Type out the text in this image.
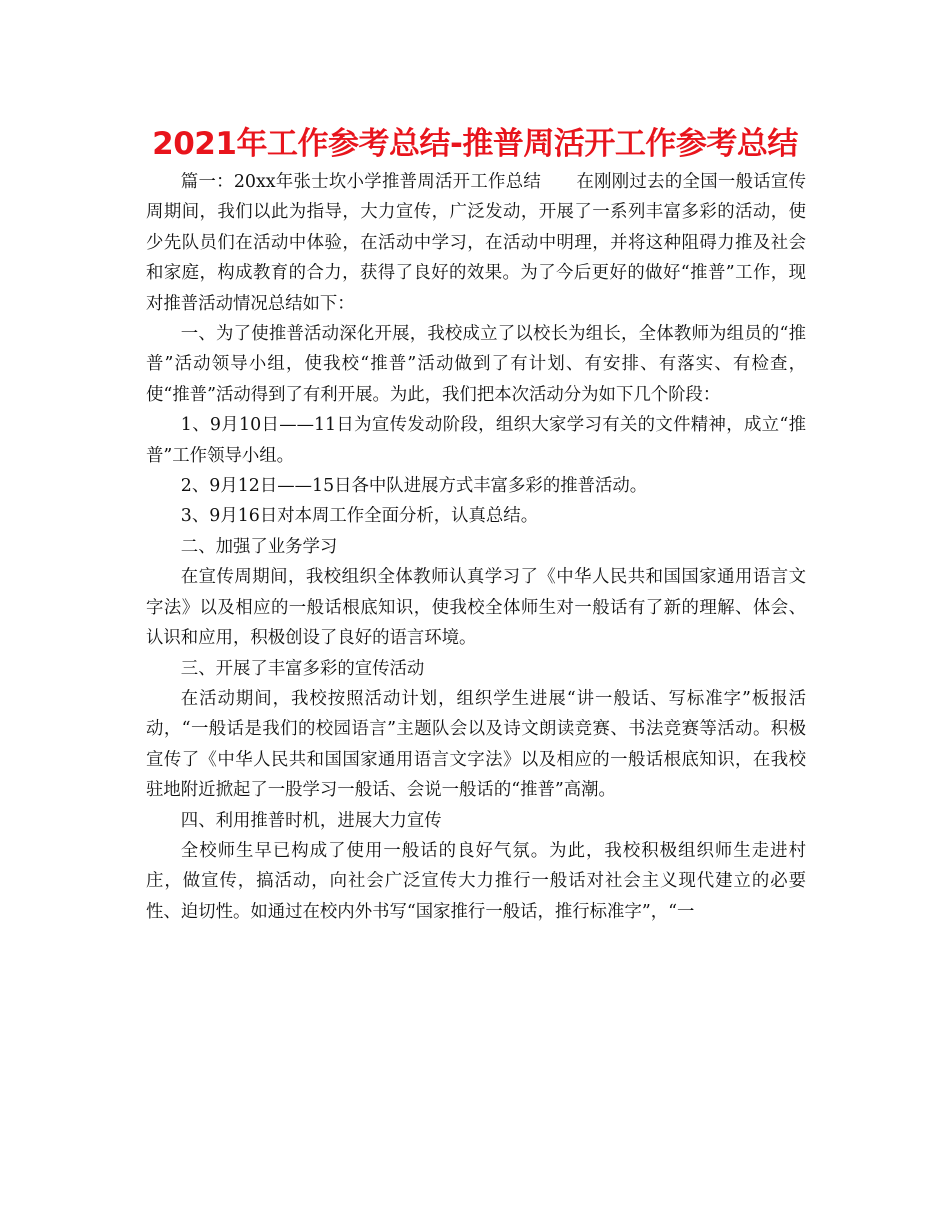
2021年工作参考总结-推普周活开工作参考总结

篇一：20xx年张士坎小学推普周活开工作总结　　在刚刚过去的全国一般话宣传周期间，我们以此为指导，大力宣传，广泛发动，开展了一系列丰富多彩的活动，使少先队员们在活动中体验，在活动中学习，在活动中明理，并将这种阻碍力推及社会和家庭，构成教育的合力，获得了良好的效果。为了今后更好的做好“推普”工作，现对推普活动情况总结如下：

一、为了使推普活动深化开展，我校成立了以校长为组长，全体教师为组员的“推普”活动领导小组，使我校“推普”活动做到了有计划、有安排、有落实、有检查，使“推普”活动得到了有利开展。为此，我们把本次活动分为如下几个阶段：

1、9月10日——11日为宣传发动阶段，组织大家学习有关的文件精神，成立“推普”工作领导小组。

2、9月12日——15日各中队进展方式丰富多彩的推普活动。

3、9月16日对本周工作全面分析，认真总结。

二、加强了业务学习

在宣传周期间，我校组织全体教师认真学习了《中华人民共和国国家通用语言文字法》以及相应的一般话根底知识，使我校全体师生对一般话有了新的理解、体会、认识和应用，积极创设了良好的语言环境。

三、开展了丰富多彩的宣传活动

在活动期间，我校按照活动计划，组织学生进展“讲一般话、写标准字”板报活动，“一般话是我们的校园语言”主题队会以及诗文朗读竞赛、书法竞赛等活动。积极宣传了《中华人民共和国国家通用语言文字法》以及相应的一般话根底知识，在我校驻地附近掀起了一股学习一般话、会说一般话的“推普”高潮。

四、利用推普时机，进展大力宣传

全校师生早已构成了使用一般话的良好气氛。为此，我校积极组织师生走进村庄，做宣传，搞活动，向社会广泛宣传大力推行一般话对社会主义现代建立的必要性、迫切性。如通过在校内外书写“国家推行一般话，推行标准字”，“一
